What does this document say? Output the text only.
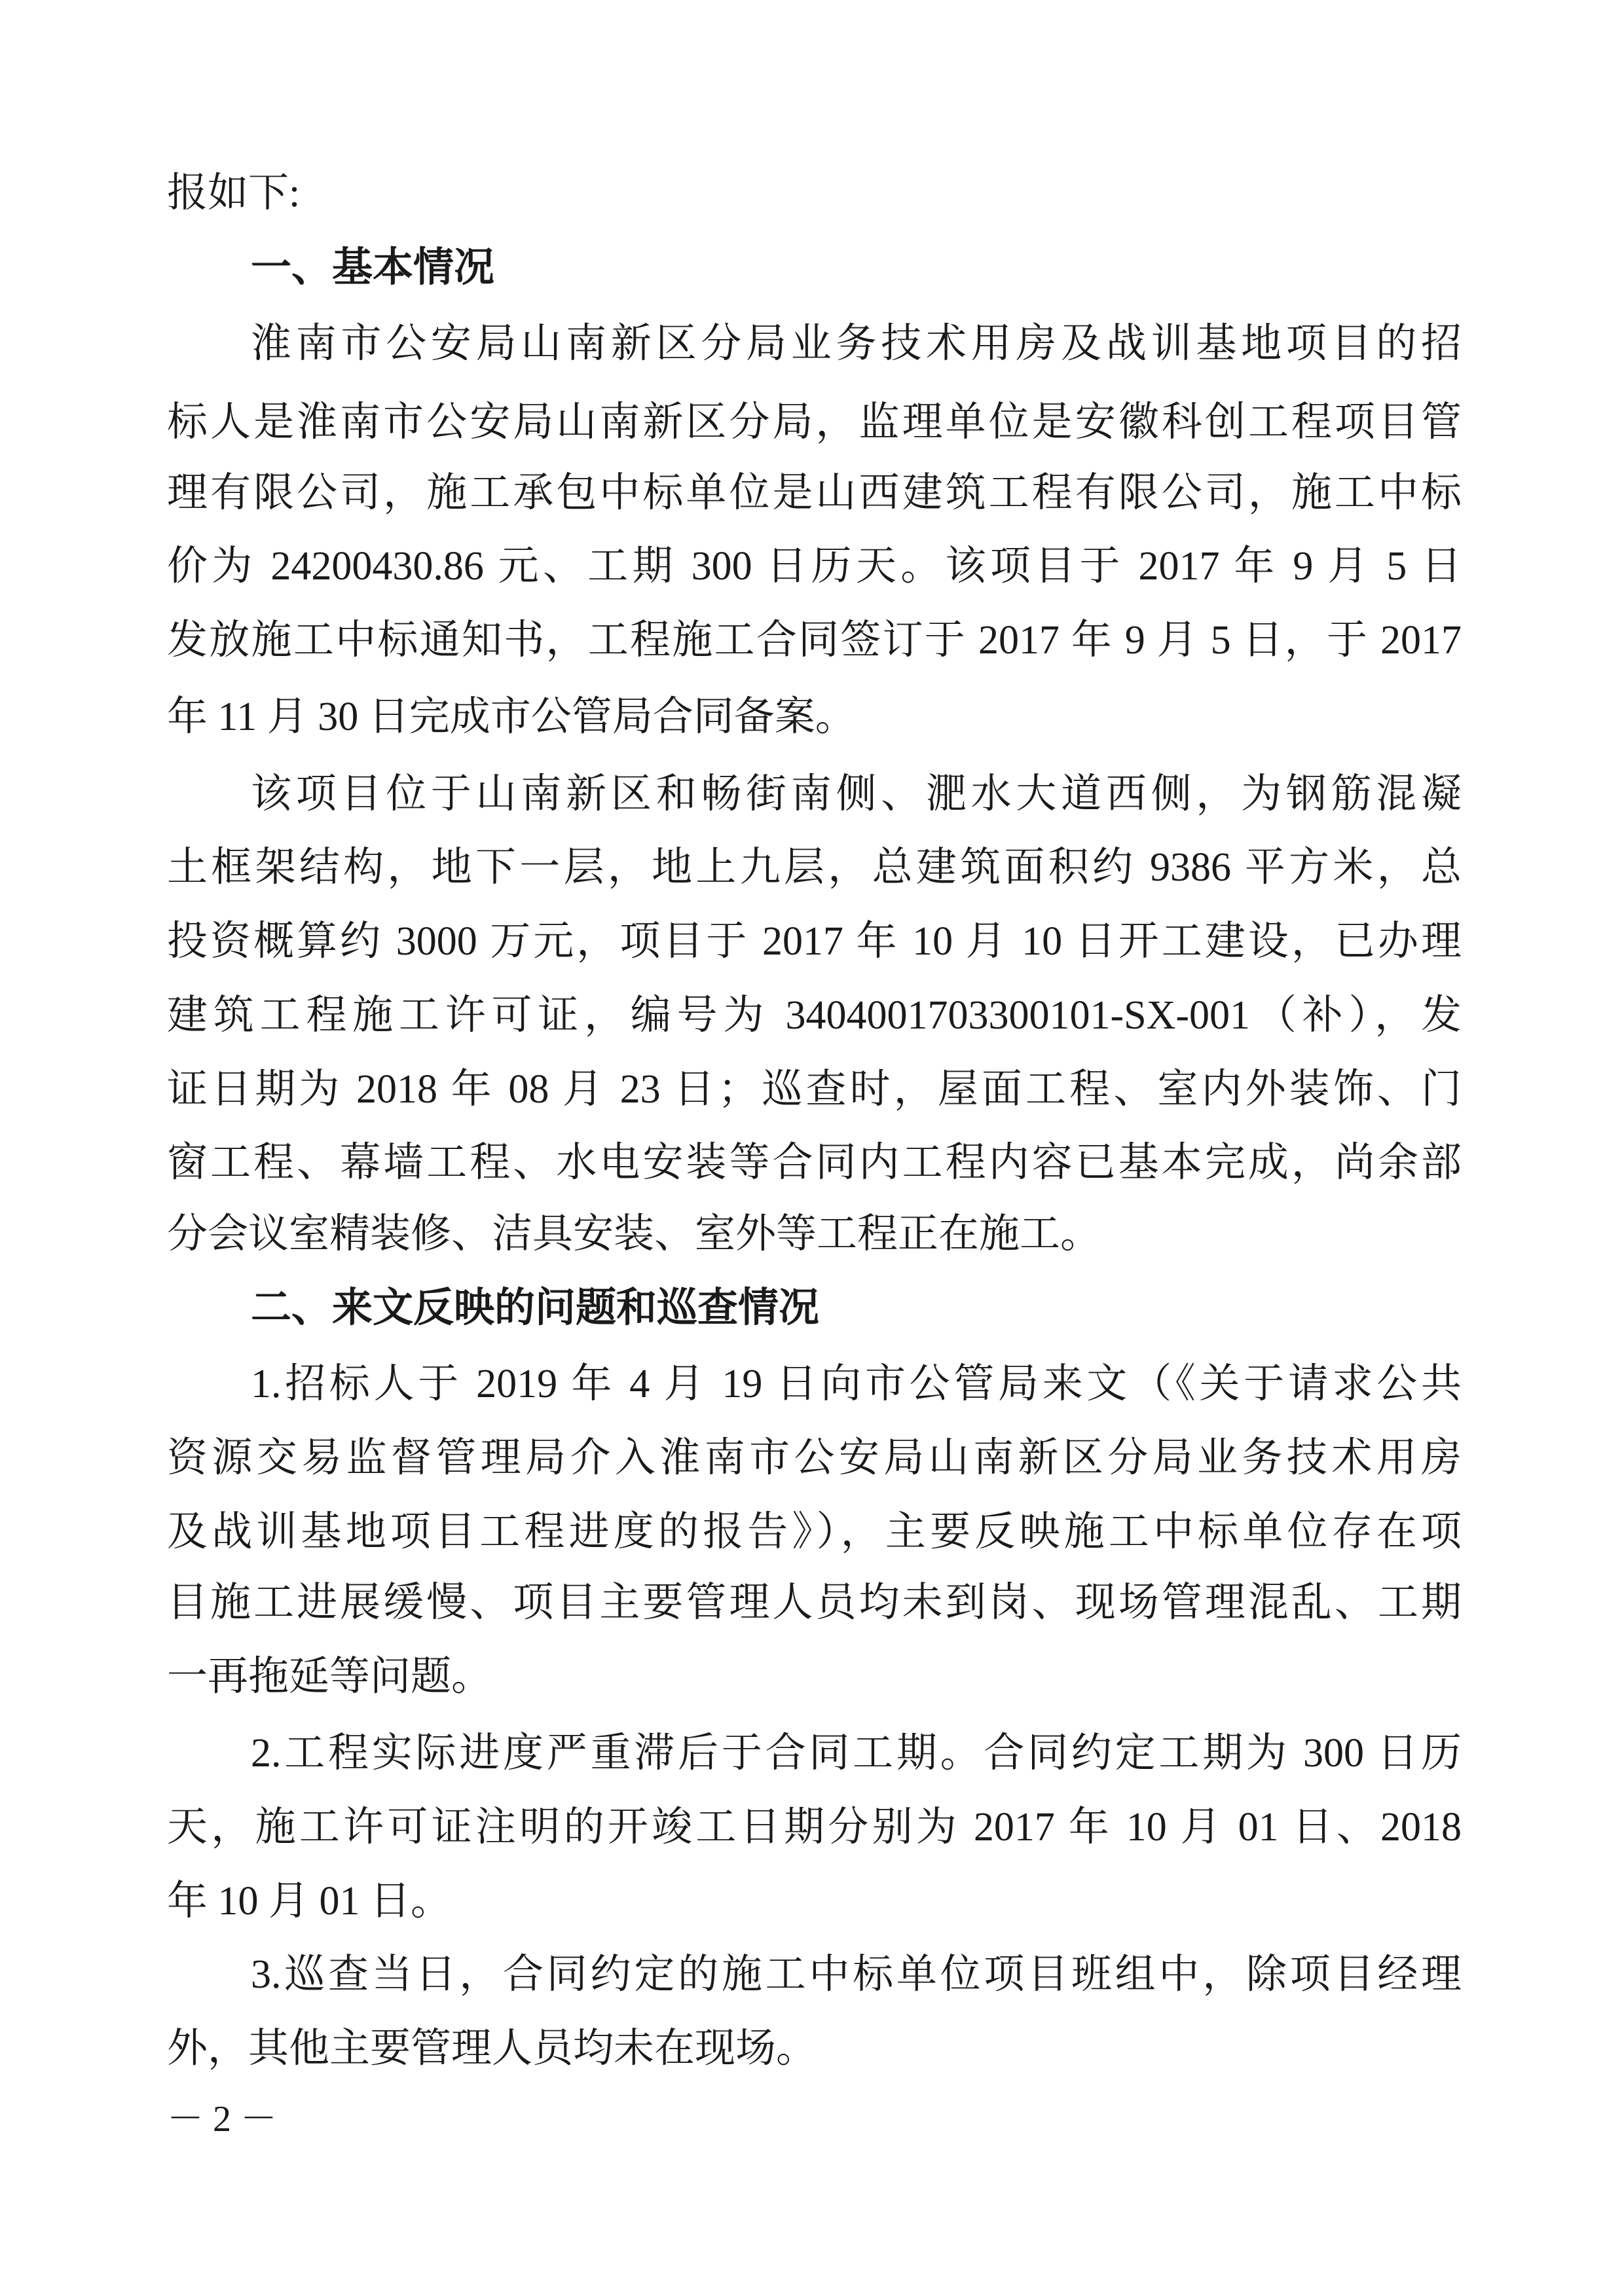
报如下:
一、基本情况
淮南市公安局山南新区分局业务技术用房及战训基地项目的招
标人是淮南市公安局山南新区分局，监理单位是安徽科创工程项目管
理有限公司，施工承包中标单位是山西建筑工程有限公司，施工中标
价为 24200430.86 元、工期 300 日历天。该项目于 2017 年 9 月 5 日
发放施工中标通知书，工程施工合同签订于 2017 年 9 月 5 日，于 2017
年 11 月 30 日完成市公管局合同备案。
该项目位于山南新区和畅街南侧、淝水大道西侧，为钢筋混凝
土框架结构，地下一层，地上九层，总建筑面积约 9386 平方米，总
投资概算约 3000 万元，项目于 2017 年 10 月 10 日开工建设，已办理
建筑工程施工许可证，编号为 3404001703300101-SX-001（补），发
证日期为 2018 年 08 月 23 日；巡查时，屋面工程、室内外装饰、门
窗工程、幕墙工程、水电安装等合同内工程内容已基本完成，尚余部
分会议室精装修、洁具安装、室外等工程正在施工。
二、来文反映的问题和巡查情况
1.招标人于 2019 年 4 月 19 日向市公管局来文（《关于请求公共
资源交易监督管理局介入淮南市公安局山南新区分局业务技术用房
及战训基地项目工程进度的报告》），主要反映施工中标单位存在项
目施工进展缓慢、项目主要管理人员均未到岗、现场管理混乱、工期
一再拖延等问题。
2.工程实际进度严重滞后于合同工期。合同约定工期为 300 日历
天，施工许可证注明的开竣工日期分别为 2017 年 10 月 01 日、2018
年 10 月 01 日。
3.巡查当日，合同约定的施工中标单位项目班组中，除项目经理
外，其他主要管理人员均未在现场。
－ 2 －
